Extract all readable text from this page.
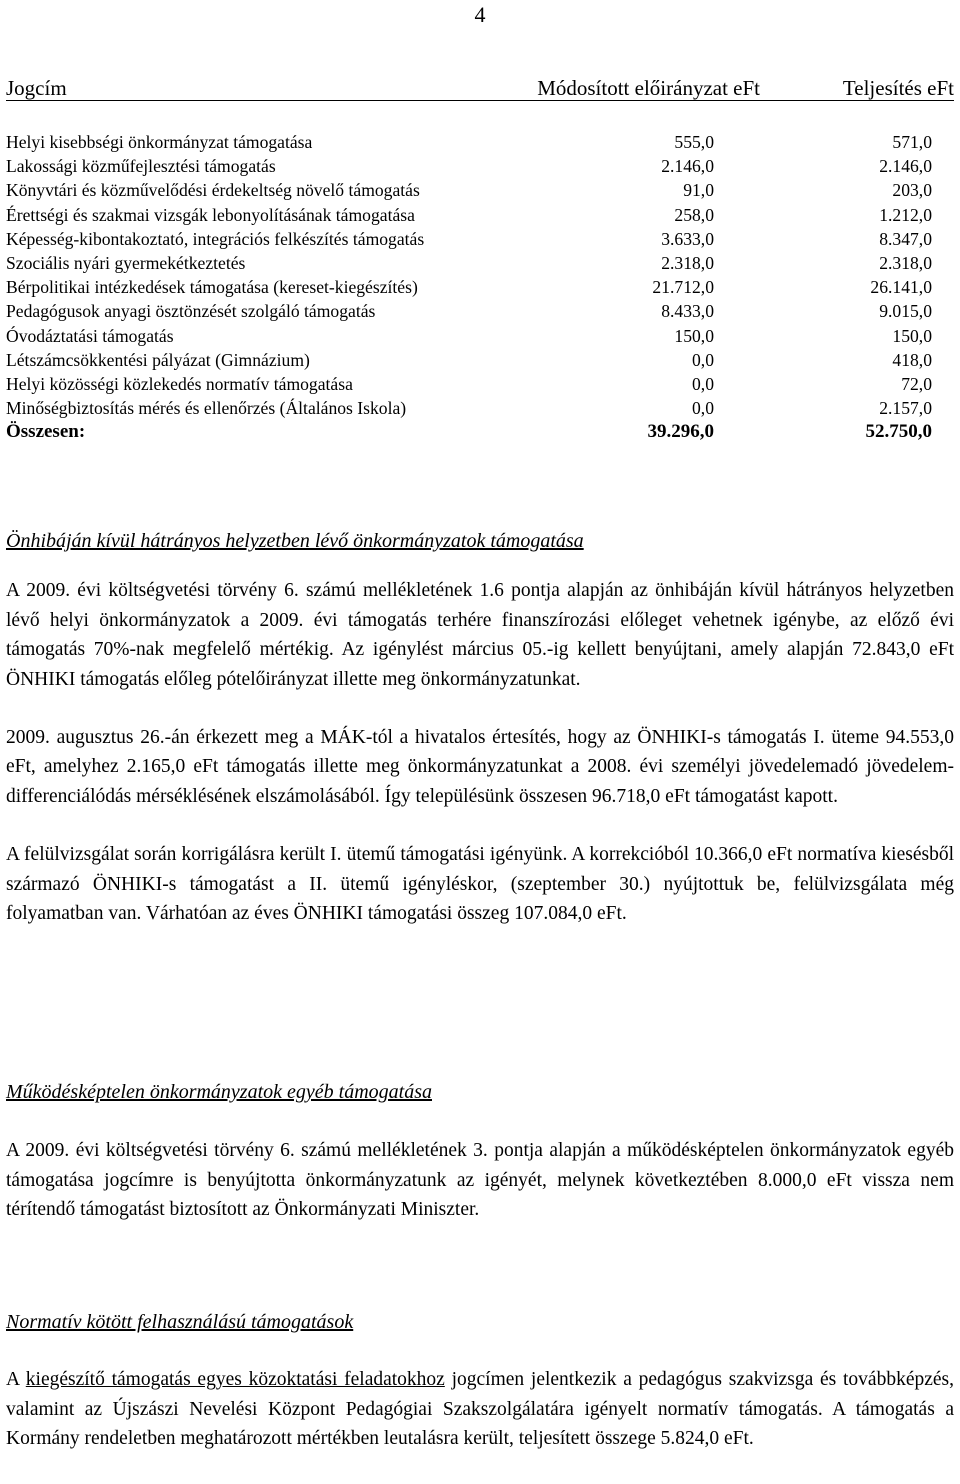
4
Jogcím	Módosított előirányzat eFt	Teljesítés eFt
Helyi kisebbségi önkormányzat támogatása	555,0	571,0
Lakossági közműfejlesztési támogatás	2.146,0	2.146,0
Könyvtári és közművelődési érdekeltség növelő támogatás	91,0	203,0
Érettségi és szakmai vizsgák lebonyolításának támogatása	258,0	1.212,0
Képesség-kibontakoztató, integrációs felkészítés támogatás	3.633,0	8.347,0
Szociális nyári gyermekétkeztetés	2.318,0	2.318,0
Bérpolitikai intézkedések támogatása (kereset-kiegészítés)	21.712,0	26.141,0
Pedagógusok anyagi ösztönzését szolgáló támogatás	8.433,0	9.015,0
Óvodáztatási támogatás	150,0	150,0
Létszámcsökkentési pályázat (Gimnázium)	0,0	418,0
Helyi közösségi közlekedés normatív támogatása	0,0	72,0
Minőségbiztosítás mérés és ellenőrzés (Általános Iskola)	0,0	2.157,0
Összesen:	39.296,0	52.750,0
Önhibáján kívül hátrányos helyzetben lévő önkormányzatok támogatása

A 2009. évi költségvetési törvény 6. számú mellékletének 1.6 pontja alapján az önhibáján kívül hátrányos helyzetben lévő helyi önkormányzatok a 2009. évi támogatás terhére finanszírozási előleget vehetnek igénybe, az előző évi támogatás 70%-nak megfelelő mértékig. Az igénylést március 05.-ig kellett benyújtani, amely alapján 72.843,0 eFt ÖNHIKI támogatás előleg pótelőirányzat illette meg önkormányzatunkat.

2009. augusztus 26.-án érkezett meg a MÁK-tól a hivatalos értesítés, hogy az ÖNHIKI-s támogatás I. üteme 94.553,0 eFt, amelyhez 2.165,0 eFt támogatás illette meg önkormányzatunkat a 2008. évi személyi jövedelemadó jövedelem-differenciálódás mérséklésének elszámolásából. Így településünk összesen 96.718,0 eFt támogatást kapott.

A felülvizsgálat során korrigálásra került I. ütemű támogatási igényünk. A korrekcióból 10.366,0 eFt normatíva kiesésből származó ÖNHIKI-s támogatást a II. ütemű igényléskor, (szeptember 30.) nyújtottuk be, felülvizsgálata még folyamatban van. Várhatóan az éves ÖNHIKI támogatási összeg 107.084,0 eFt.

Működésképtelen önkormányzatok egyéb támogatása

A 2009. évi költségvetési törvény 6. számú mellékletének 3. pontja alapján a működésképtelen önkormányzatok egyéb támogatása jogcímre is benyújtotta önkormányzatunk az igényét, melynek következtében 8.000,0 eFt vissza nem térítendő támogatást biztosított az Önkormányzati Miniszter.

Normatív kötött felhasználású támogatások

A kiegészítő támogatás egyes közoktatási feladatokhoz jogcímen jelentkezik a pedagógus szakvizsga és továbbképzés, valamint az Újszászi Nevelési Központ Pedagógiai Szakszolgálatára igényelt normatív támogatás. A támogatás a Kormány rendeletben meghatározott mértékben leutalásra került, teljesített összege 5.824,0 eFt.
